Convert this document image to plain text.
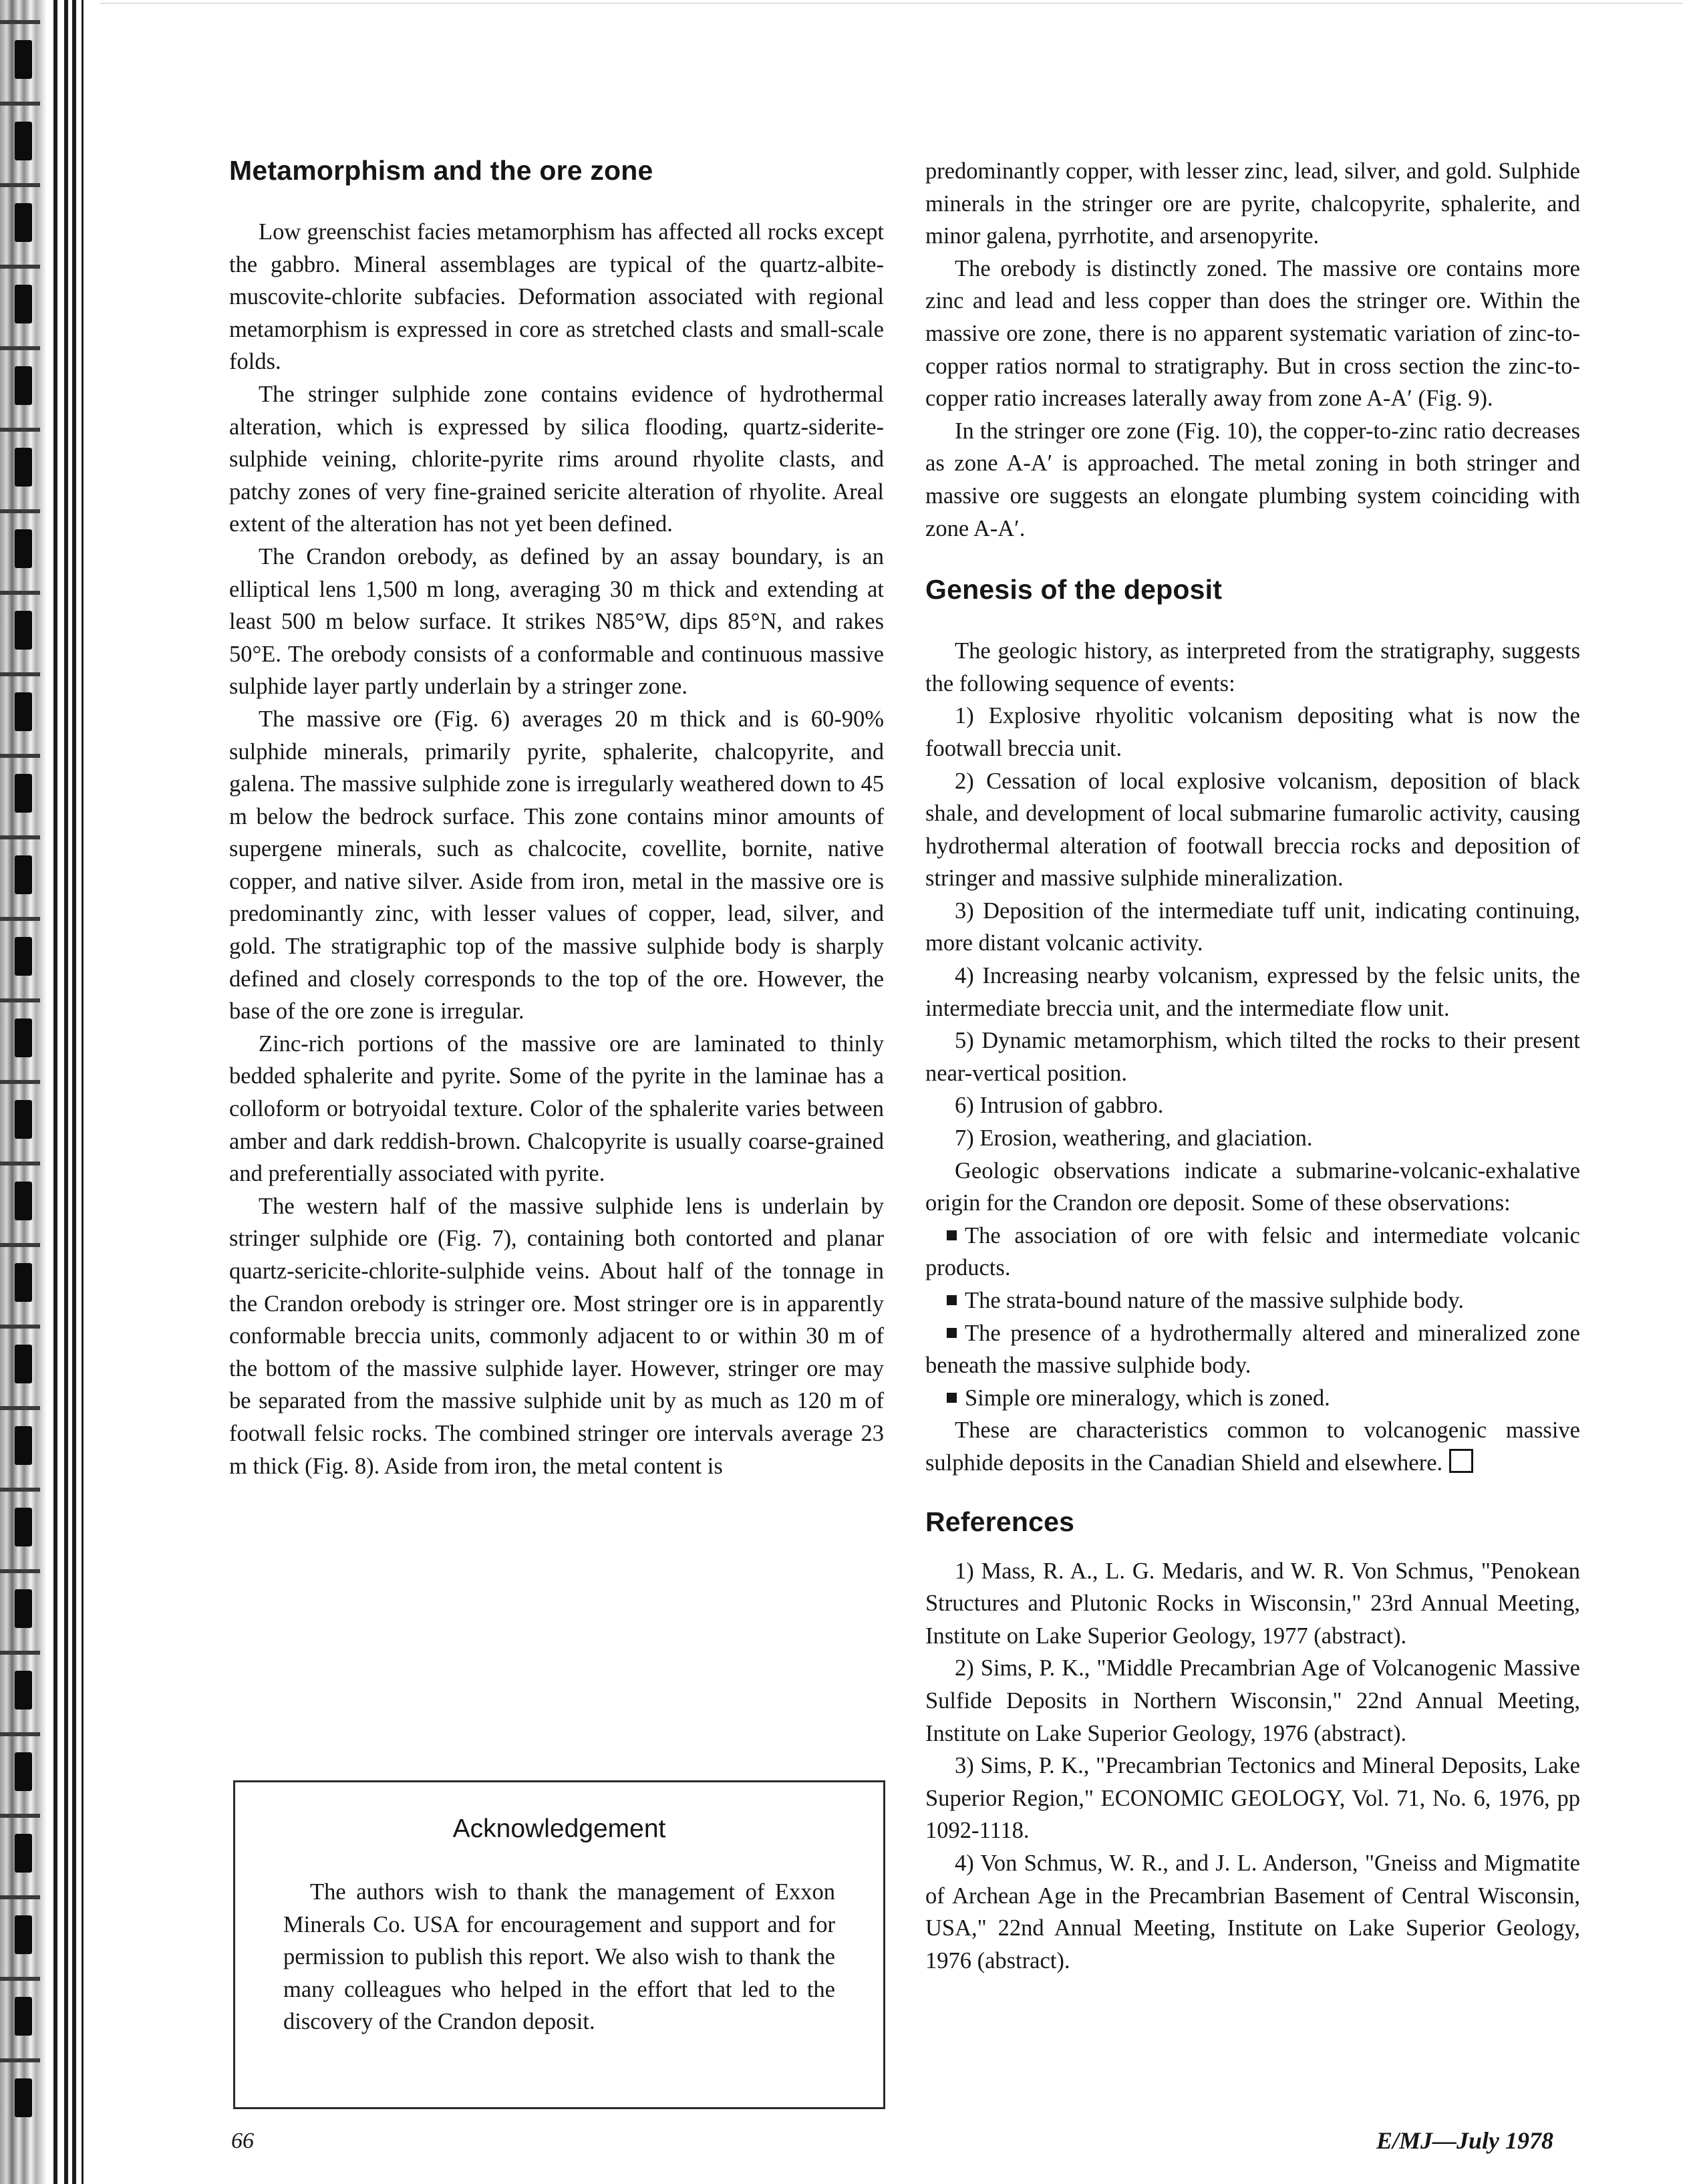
Metamorphism and the ore zone

Low greenschist facies metamorphism has affected all rocks except the gabbro. Mineral assemblages are typical of the quartz-albite-muscovite-chlorite subfacies. Deformation associated with regional metamorphism is expressed in core as stretched clasts and small-scale folds.

The stringer sulphide zone contains evidence of hydrothermal alteration, which is expressed by silica flooding, quartz-siderite-sulphide veining, chlorite-pyrite rims around rhyolite clasts, and patchy zones of very fine-grained sericite alteration of rhyolite. Areal extent of the alteration has not yet been defined.

The Crandon orebody, as defined by an assay boundary, is an elliptical lens 1,500 m long, averaging 30 m thick and extending at least 500 m below surface. It strikes N85°W, dips 85°N, and rakes 50°E. The orebody consists of a conformable and continuous massive sulphide layer partly underlain by a stringer zone.

The massive ore (Fig. 6) averages 20 m thick and is 60-90% sulphide minerals, primarily pyrite, sphalerite, chalcopyrite, and galena. The massive sulphide zone is irregularly weathered down to 45 m below the bedrock surface. This zone contains minor amounts of supergene minerals, such as chalcocite, covellite, bornite, native copper, and native silver. Aside from iron, metal in the massive ore is predominantly zinc, with lesser values of copper, lead, silver, and gold. The stratigraphic top of the massive sulphide body is sharply defined and closely corresponds to the top of the ore. However, the base of the ore zone is irregular.

Zinc-rich portions of the massive ore are laminated to thinly bedded sphalerite and pyrite. Some of the pyrite in the laminae has a colloform or botryoidal texture. Color of the sphalerite varies between amber and dark reddish-brown. Chalcopyrite is usually coarse-grained and preferentially associated with pyrite.

The western half of the massive sulphide lens is underlain by stringer sulphide ore (Fig. 7), containing both contorted and planar quartz-sericite-chlorite-sulphide veins. About half of the tonnage in the Crandon orebody is stringer ore. Most stringer ore is in apparently conformable breccia units, commonly adjacent to or within 30 m of the bottom of the massive sulphide layer. However, stringer ore may be separated from the massive sulphide unit by as much as 120 m of footwall felsic rocks. The combined stringer ore intervals average 23 m thick (Fig. 8). Aside from iron, the metal content is

Acknowledgement

The authors wish to thank the management of Exxon Minerals Co. USA for encouragement and support and for permission to publish this report. We also wish to thank the many colleagues who helped in the effort that led to the discovery of the Crandon deposit.

predominantly copper, with lesser zinc, lead, silver, and gold. Sulphide minerals in the stringer ore are pyrite, chalcopyrite, sphalerite, and minor galena, pyrrhotite, and arsenopyrite.

The orebody is distinctly zoned. The massive ore contains more zinc and lead and less copper than does the stringer ore. Within the massive ore zone, there is no apparent systematic variation of zinc-to-copper ratios normal to stratigraphy. But in cross section the zinc-to-copper ratio increases laterally away from zone A-A′ (Fig. 9).

In the stringer ore zone (Fig. 10), the copper-to-zinc ratio decreases as zone A-A′ is approached. The metal zoning in both stringer and massive ore suggests an elongate plumbing system coinciding with zone A-A′.

Genesis of the deposit

The geologic history, as interpreted from the stratigraphy, suggests the following sequence of events:

1) Explosive rhyolitic volcanism depositing what is now the footwall breccia unit.

2) Cessation of local explosive volcanism, deposition of black shale, and development of local submarine fumarolic activity, causing hydrothermal alteration of footwall breccia rocks and deposition of stringer and massive sulphide mineralization.

3) Deposition of the intermediate tuff unit, indicating continuing, more distant volcanic activity.

4) Increasing nearby volcanism, expressed by the felsic units, the intermediate breccia unit, and the intermediate flow unit.

5) Dynamic metamorphism, which tilted the rocks to their present near-vertical position.

6) Intrusion of gabbro.

7) Erosion, weathering, and glaciation.

Geologic observations indicate a submarine-volcanic-exhalative origin for the Crandon ore deposit. Some of these observations:

The association of ore with felsic and intermediate volcanic products.

The strata-bound nature of the massive sulphide body.

The presence of a hydrothermally altered and mineralized zone beneath the massive sulphide body.

Simple ore mineralogy, which is zoned.

These are characteristics common to volcanogenic massive sulphide deposits in the Canadian Shield and elsewhere.

References

1) Mass, R. A., L. G. Medaris, and W. R. Von Schmus, "Penokean Structures and Plutonic Rocks in Wisconsin," 23rd Annual Meeting, Institute on Lake Superior Geology, 1977 (abstract).

2) Sims, P. K., "Middle Precambrian Age of Volcanogenic Massive Sulfide Deposits in Northern Wisconsin," 22nd Annual Meeting, Institute on Lake Superior Geology, 1976 (abstract).

3) Sims, P. K., "Precambrian Tectonics and Mineral Deposits, Lake Superior Region," ECONOMIC GEOLOGY, Vol. 71, No. 6, 1976, pp 1092-1118.

4) Von Schmus, W. R., and J. L. Anderson, "Gneiss and Migmatite of Archean Age in the Precambrian Basement of Central Wisconsin, USA," 22nd Annual Meeting, Institute on Lake Superior Geology, 1976 (abstract).

66	E/MJ—July 1978
